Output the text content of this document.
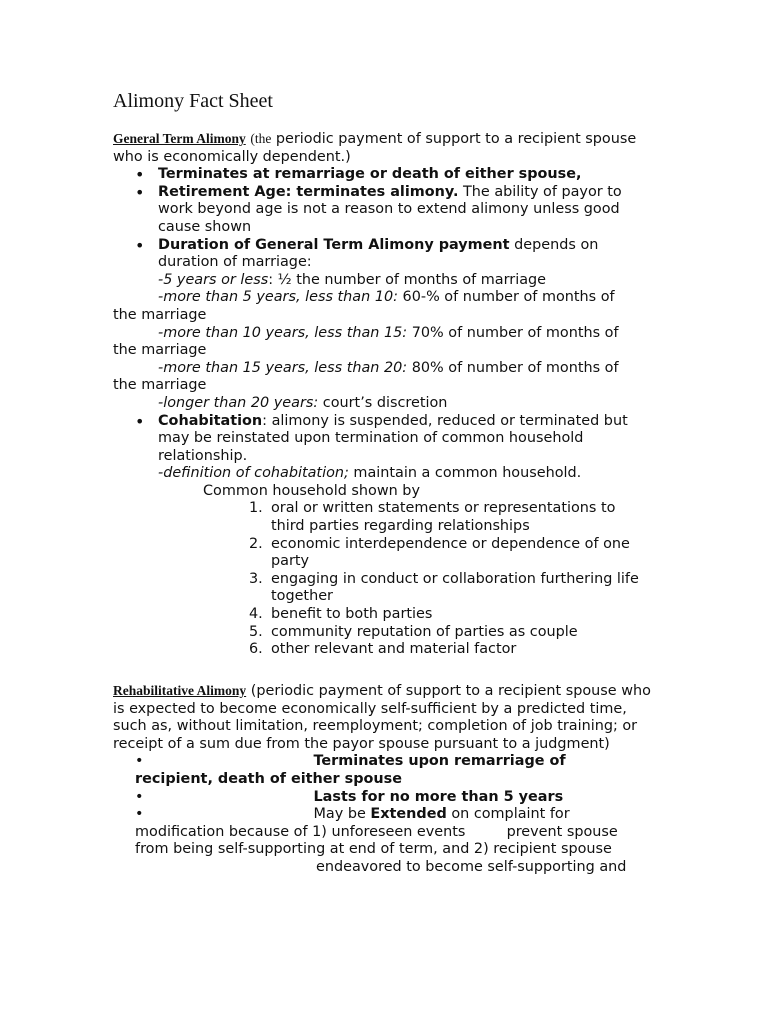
Alimony Fact Sheet
General Term Alimony (the periodic payment of support to a recipient spouse who is economically dependent.)
• Terminates at remarriage or death of either spouse,
• Retirement Age: terminates alimony. The ability of payor to work beyond age is not a reason to extend alimony unless good cause shown
• Duration of General Term Alimony payment depends on duration of marriage:
-5 years or less: ½ the number of months of marriage
-more than 5 years, less than 10: 60-% of number of months of
the marriage
-more than 10 years, less than 15: 70% of number of months of
the marriage
-more than 15 years, less than 20: 80% of number of months of
the marriage
-longer than 20 years: court’s discretion
• Cohabitation: alimony is suspended, reduced or terminated but may be reinstated upon termination of common household relationship.
-definition of cohabitation; maintain a common household.
Common household shown by
1. oral or written statements or representations to third parties regarding relationships
2. economic interdependence or dependence of one party
3. engaging in conduct or collaboration furthering life together
4. benefit to both parties
5. community reputation of parties as couple
6. other relevant and material factor
Rehabilitative Alimony (periodic payment of support to a recipient spouse who is expected to become economically self-sufficient by a predicted time, such as, without limitation, reemployment; completion of job training; or receipt of a sum due from the payor spouse pursuant to a judgment)
•	Terminates upon remarriage of
recipient, death of either spouse
•	Lasts for no more than 5 years
•	May be Extended on complaint for
modification because of 1) unforeseen events         prevent spouse
from being self-supporting at end of term, and 2) recipient spouse
endeavored to become self-supporting and
